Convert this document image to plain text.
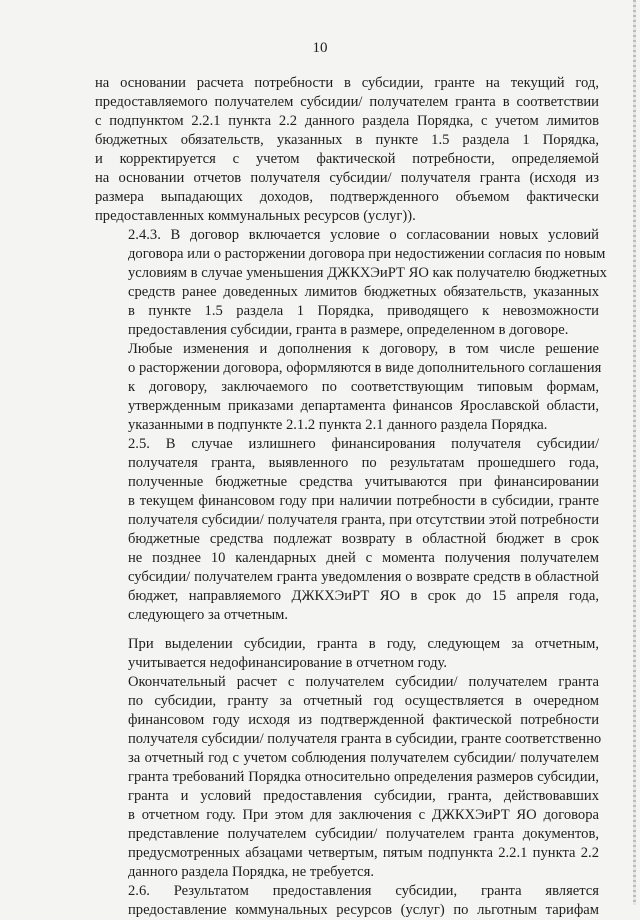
10

на основании расчета потребности в субсидии, гранте на текущий год,
предоставляемого получателем субсидии/ получателем гранта в соответствии
с подпунктом 2.2.1 пункта 2.2 данного раздела Порядка, с учетом лимитов
бюджетных обязательств, указанных в пункте 1.5 раздела 1 Порядка,
и корректируется с учетом фактической потребности, определяемой
на основании отчетов получателя субсидии/ получателя гранта (исходя из
размера выпадающих доходов, подтвержденного объемом фактически
предоставленных коммунальных ресурсов (услуг)).

2.4.3. В договор включается условие о согласовании новых условий
договора или о расторжении договора при недостижении согласия по новым
условиям в случае уменьшения ДЖКХЭиРТ ЯО как получателю бюджетных
средств ранее доведенных лимитов бюджетных обязательств, указанных
в пункте 1.5 раздела 1 Порядка, приводящего к невозможности
предоставления субсидии, гранта в размере, определенном в договоре.

Любые изменения и дополнения к договору, в том числе решение
о расторжении договора, оформляются в виде дополнительного соглашения
к договору, заключаемого по соответствующим типовым формам,
утвержденным приказами департамента финансов Ярославской области,
указанными в подпункте 2.1.2 пункта 2.1 данного раздела Порядка.

2.5. В случае излишнего финансирования получателя субсидии/
получателя гранта, выявленного по результатам прошедшего года,
полученные бюджетные средства учитываются при финансировании
в текущем финансовом году при наличии потребности в субсидии, гранте
получателя субсидии/ получателя гранта, при отсутствии этой потребности
бюджетные средства подлежат возврату в областной бюджет в срок
не позднее 10 календарных дней с момента получения получателем
субсидии/ получателем гранта уведомления о возврате средств в областной
бюджет, направляемого ДЖКХЭиРТ ЯО в срок до 15 апреля года,
следующего за отчетным.

При выделении субсидии, гранта в году, следующем за отчетным,
учитывается недофинансирование в отчетном году.

Окончательный расчет с получателем субсидии/ получателем гранта
по субсидии, гранту за отчетный год осуществляется в очередном
финансовом году исходя из подтвержденной фактической потребности
получателя субсидии/ получателя гранта в субсидии, гранте соответственно
за отчетный год с учетом соблюдения получателем субсидии/ получателем
гранта требований Порядка относительно определения размеров субсидии,
гранта и условий предоставления субсидии, гранта, действовавших
в отчетном году. При этом для заключения с ДЖКХЭиРТ ЯО договора
представление получателем субсидии/ получателем гранта документов,
предусмотренных абзацами четвертым, пятым подпункта 2.2.1 пункта 2.2
данного раздела Порядка, не требуется.

2.6. Результатом предоставления субсидии, гранта является
предоставление коммунальных ресурсов (услуг) по льготным тарифам
